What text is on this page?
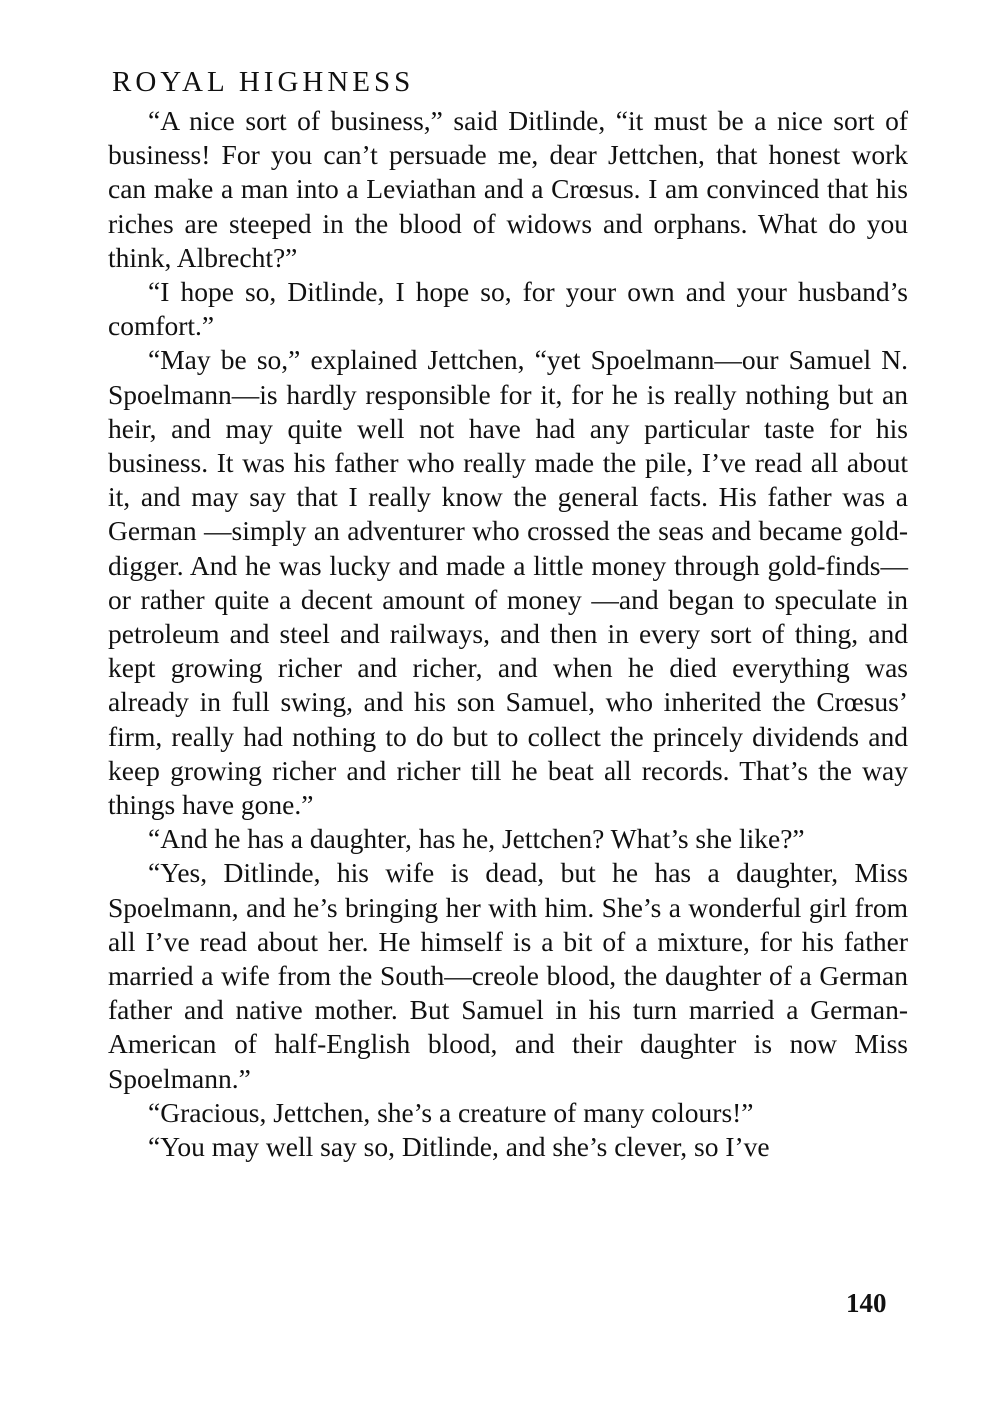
ROYAL HIGHNESS

“A nice sort of business,” said Ditlinde, “it must be a nice sort of business! For you can’t persuade me, dear Jettchen, that honest work can make a man into a Leviathan and a Crœsus. I am convinced that his riches are steeped in the blood of widows and orphans. What do you think, Albrecht?”

“I hope so, Ditlinde, I hope so, for your own and your husband’s comfort.”

“May be so,” explained Jettchen, “yet Spoelmann—our Samuel N. Spoelmann—is hardly responsible for it, for he is really nothing but an heir, and may quite well not have had any particular taste for his business. It was his father who really made the pile, I’ve read all about it, and may say that I really know the general facts. His father was a German —simply an adventurer who crossed the seas and became gold-digger. And he was lucky and made a little money through gold-finds—or rather quite a decent amount of money —and began to speculate in petroleum and steel and railways, and then in every sort of thing, and kept growing richer and richer, and when he died everything was already in full swing, and his son Samuel, who inherited the Crœsus’ firm, really had nothing to do but to collect the princely dividends and keep growing richer and richer till he beat all records. That’s the way things have gone.”

“And he has a daughter, has he, Jettchen? What’s she like?”

“Yes, Ditlinde, his wife is dead, but he has a daughter, Miss Spoelmann, and he’s bringing her with him. She’s a wonderful girl from all I’ve read about her. He himself is a bit of a mixture, for his father married a wife from the South—creole blood, the daughter of a German father and native mother. But Samuel in his turn married a German-American of half-English blood, and their daughter is now Miss Spoelmann.”

“Gracious, Jettchen, she’s a creature of many colours!”

“You may well say so, Ditlinde, and she’s clever, so I’ve

140
